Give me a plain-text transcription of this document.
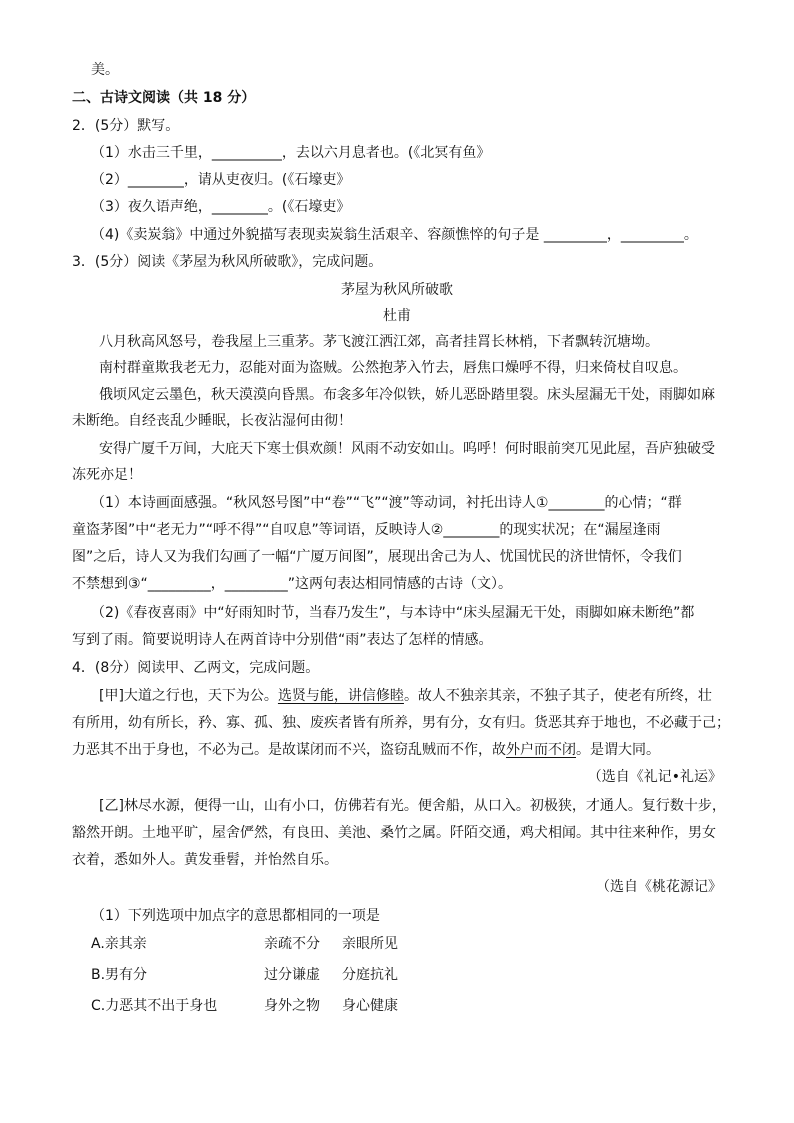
美。
二、古诗文阅读（共 18 分）
2．(5分）默写。
（1）水击三千里，__________，去以六月息者也。(《北冥有鱼》
（2）________，请从吏夜归。(《石壕吏》
（3）夜久语声绝，________。(《石壕吏》
（4)《卖炭翁》中通过外貌描写表现卖炭翁生活艰辛、容颜憔悴的句子是 _________，_________。
3．(5分）阅读《茅屋为秋风所破歌》，完成问题。
茅屋为秋风所破歌
杜甫
八月秋高风怒号，卷我屋上三重茅。茅飞渡江洒江郊，高者挂罥长林梢，下者飘转沉塘坳。
南村群童欺我老无力，忍能对面为盗贼。公然抱茅入竹去，唇焦口燥呼不得，归来倚杖自叹息。
俄顷风定云墨色，秋天漠漠向昏黑。布衾多年冷似铁，娇儿恶卧踏里裂。床头屋漏无干处，雨脚如麻
未断绝。自经丧乱少睡眠，长夜沾湿何由彻！
安得广厦千万间，大庇天下寒士俱欢颜！风雨不动安如山。呜呼！何时眼前突兀见此屋，吾庐独破受
冻死亦足！
（1）本诗画面感强。“秋风怒号图”中“卷”“飞”“渡”等动词，衬托出诗人①________的心情；“群
童盗茅图”中“老无力”“呼不得”“自叹息”等词语，反映诗人②________的现实状况；在“漏屋逢雨
图”之后，诗人又为我们勾画了一幅“广厦万间图”，展现出舍己为人、忧国忧民的济世情怀，令我们
不禁想到③“_________，_________”这两句表达相同情感的古诗（文）。
（2)《春夜喜雨》中“好雨知时节，当春乃发生”，与本诗中“床头屋漏无干处，雨脚如麻未断绝”都
写到了雨。简要说明诗人在两首诗中分别借“雨”表达了怎样的情感。
4．(8分）阅读甲、乙两文，完成问题。
[甲]大道之行也，天下为公。选贤与能，讲信修睦。故人不独亲其亲，不独子其子，使老有所终，壮
有所用，幼有所长，矜、寡、孤、独、废疾者皆有所养，男有分，女有归。货恶其弃于地也，不必藏于己；
力恶其不出于身也，不必为己。是故谋闭而不兴，盗窃乱贼而不作，故外户而不闭。是谓大同。
（选自《礼记•礼运》
[乙]林尽水源，便得一山，山有小口，仿佛若有光。便舍船，从口入。初极狭，才通人。复行数十步，
豁然开朗。土地平旷，屋舍俨然，有良田、美池、桑竹之属。阡陌交通，鸡犬相闻。其中往来种作，男女
衣着，悉如外人。黄发垂髫，并怡然自乐。
（选自《桃花源记》
（1）下列选项中加点字的意思都相同的一项是
A.亲其亲	亲疏不分 亲眼所见
B.男有分	过分谦虚 分庭抗礼
C.力恶其不出于身也	身外之物 身心健康
